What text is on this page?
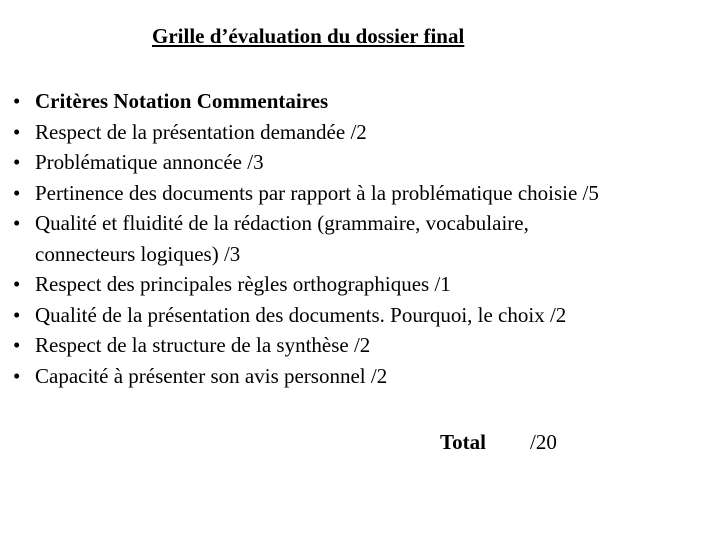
Grille d’évaluation du dossier final
• Critères Notation Commentaires
• Respect de la présentation demandée /2
• Problématique annoncée /3
• Pertinence des documents par rapport à la problématique choisie /5
• Qualité et fluidité de la rédaction (grammaire, vocabulaire,
connecteurs logiques) /3
• Respect des principales règles orthographiques /1
• Qualité de la présentation des documents. Pourquoi, le choix /2
• Respect de la structure de la synthèse /2
• Capacité à présenter son avis personnel /2
Total /20
